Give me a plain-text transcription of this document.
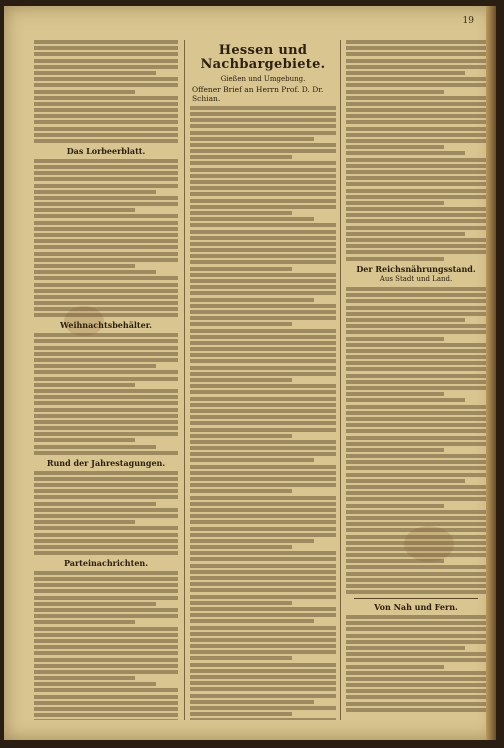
19
Das Lorbeerblatt.
Weihnachtsbehälter.
Rund der Jahrestagungen.
Parteinachrichten.
Hessen und Nachbargebiete.
Gießen und Umgebung.
Offener Brief an Herrn Prof. D. Dr. Schian.
Der Reichsnährungsstand.
Aus Stadt und Land.
Von Nah und Fern.
